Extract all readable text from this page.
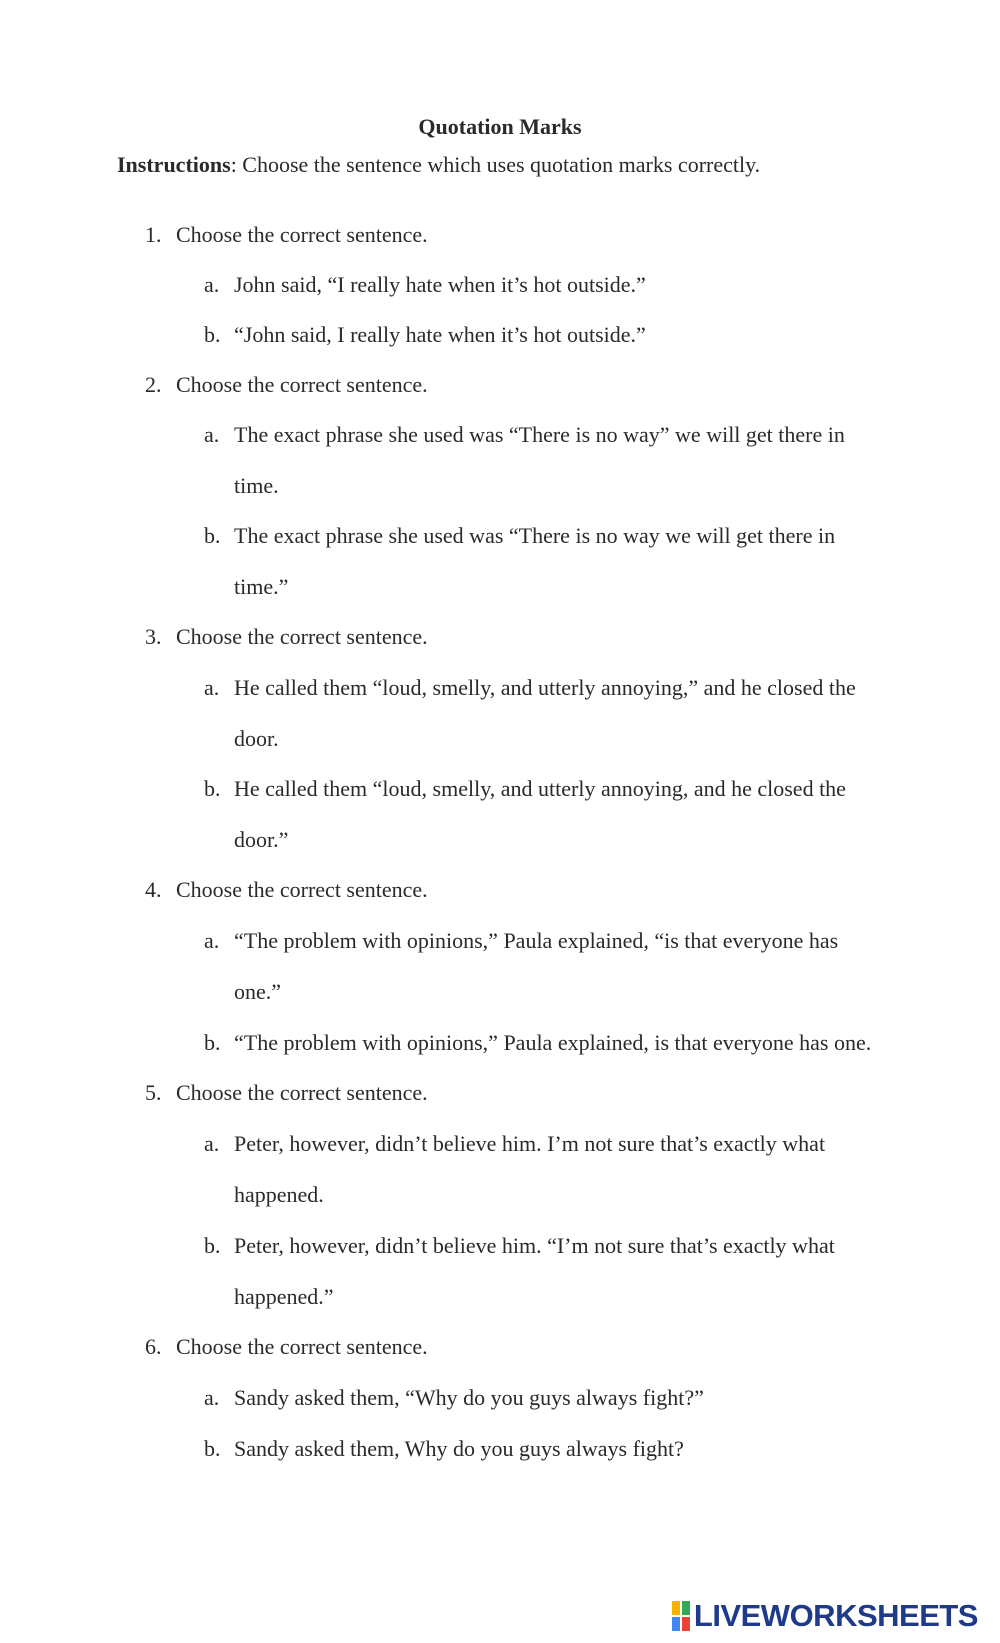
Quotation Marks
Instructions: Choose the sentence which uses quotation marks correctly.
1. Choose the correct sentence.
a. John said, “I really hate when it’s hot outside.”
b. “John said, I really hate when it’s hot outside.”
2. Choose the correct sentence.
a. The exact phrase she used was “There is no way” we will get there in time.
b. The exact phrase she used was “There is no way we will get there in time.”
3. Choose the correct sentence.
a. He called them “loud, smelly, and utterly annoying,” and he closed the door.
b. He called them “loud, smelly, and utterly annoying, and he closed the door.”
4. Choose the correct sentence.
a. “The problem with opinions,” Paula explained, “is that everyone has one.”
b. “The problem with opinions,” Paula explained, is that everyone has one.
5. Choose the correct sentence.
a. Peter, however, didn’t believe him. I’m not sure that’s exactly what happened.
b. Peter, however, didn’t believe him. “I’m not sure that’s exactly what happened.”
6. Choose the correct sentence.
a. Sandy asked them, “Why do you guys always fight?”
b. Sandy asked them, Why do you guys always fight?
LIVEWORKSHEETS
